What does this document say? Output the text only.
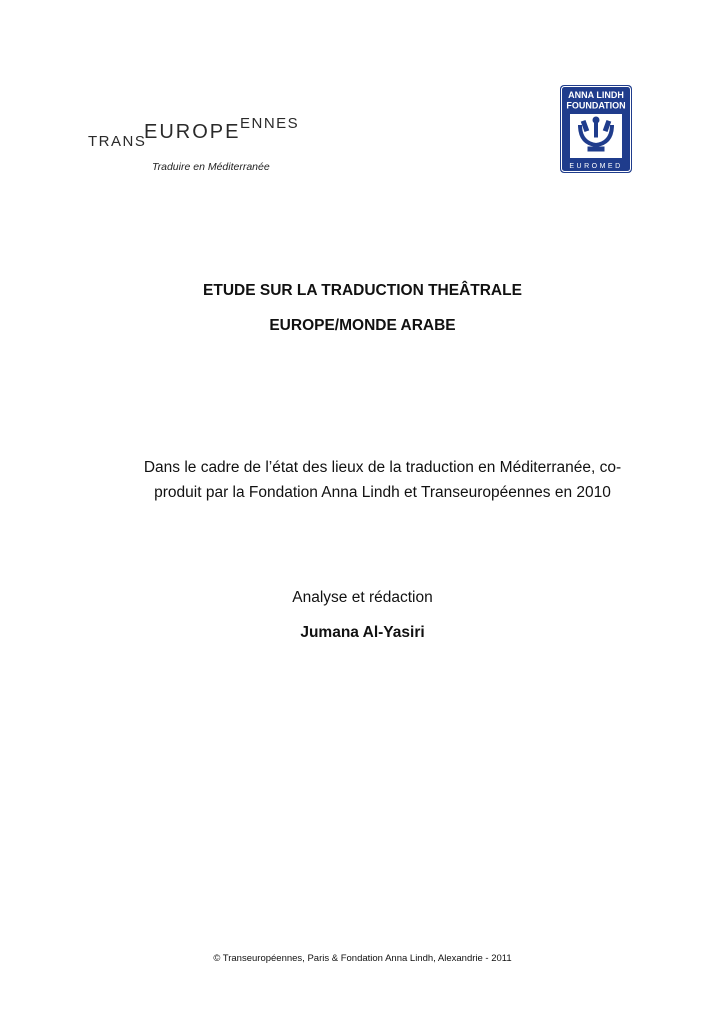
TRANS
EUROPE ENNES
Traduire en Méditerranée
ANNA LINDH
FOUNDATION
EUROMED
ETUDE SUR LA TRADUCTION THEÂTRALE
EUROPE/MONDE ARABE
Dans le cadre de l’état des lieux de la traduction en Méditerranée, co-
produit par la Fondation Anna Lindh et Transeuropéennes en 2010
Analyse et rédaction
Jumana Al-Yasiri
© Transeuropéennes, Paris & Fondation Anna Lindh, Alexandrie - 2011
